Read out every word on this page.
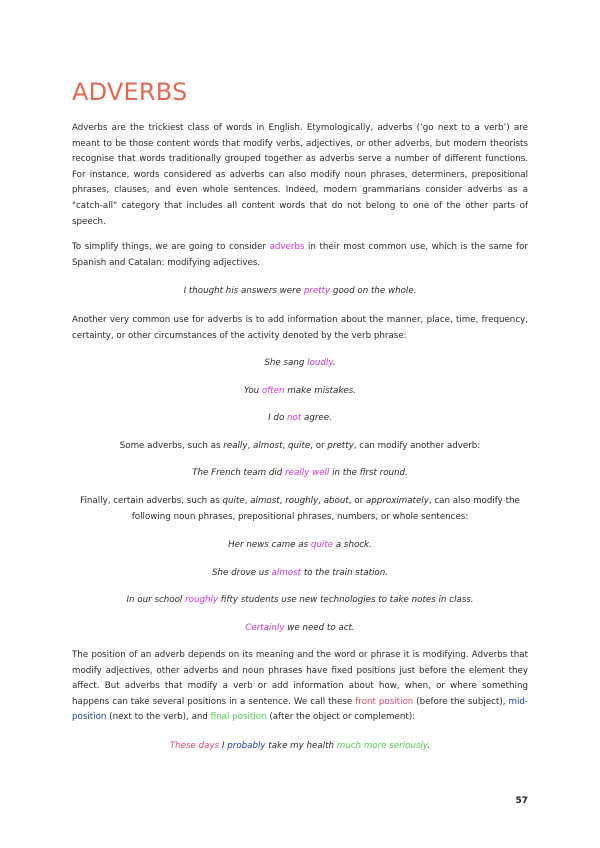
ADVERBS

Adverbs are the trickiest class of words in English. Etymologically, adverbs (‘go next to a verb’) are meant to be those content words that modify verbs, adjectives, or other adverbs, but modern theorists recognise that words traditionally grouped together as adverbs serve a number of different functions. For instance, words considered as adverbs can also modify noun phrases, determiners, prepositional phrases, clauses, and even whole sentences. Indeed, modern grammarians consider adverbs as a "catch-all" category that includes all content words that do not belong to one of the other parts of speech.

To simplify things, we are going to consider adverbs in their most common use, which is the same for Spanish and Catalan: modifying adjectives.

I thought his answers were pretty good on the whole.

Another very common use for adverbs is to add information about the manner, place, time, frequency, certainty, or other circumstances of the activity denoted by the verb phrase:

She sang loudly.

You often make mistakes.

I do not agree.

Some adverbs, such as really, almost, quite, or pretty, can modify another adverb:

The French team did really well in the first round.

Finally, certain adverbs, such as quite, almost, roughly, about, or approximately, can also modify the following noun phrases, prepositional phrases, numbers, or whole sentences:

Her news came as quite a shock.

She drove us almost to the train station.

In our school roughly fifty students use new technologies to take notes in class.

Certainly we need to act.

The position of an adverb depends on its meaning and the word or phrase it is modifying. Adverbs that modify adjectives, other adverbs and noun phrases have fixed positions just before the element they affect. But adverbs that modify a verb or add information about how, when, or where something happens can take several positions in a sentence. We call these front position (before the subject), mid-position (next to the verb), and final position (after the object or complement):

These days I probably take my health much more seriously.

57
